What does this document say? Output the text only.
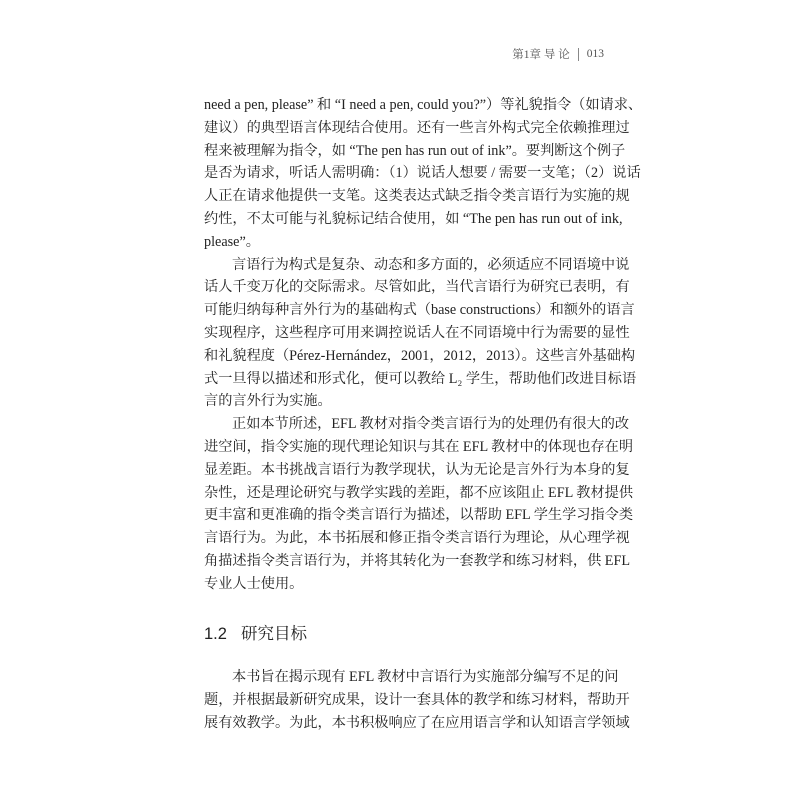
第1章 导 论 013
need a pen, please” 和 “I need a pen, could you?”）等礼貌指令（如请求、
建议）的典型语言体现结合使用。还有一些言外构式完全依赖推理过
程来被理解为指令，如 “The pen has run out of ink”。要判断这个例子
是否为请求，听话人需明确：（1）说话人想要 / 需要一支笔；（2）说话
人正在请求他提供一支笔。这类表达式缺乏指令类言语行为实施的规
约性，不太可能与礼貌标记结合使用，如 “The pen has run out of ink,
please”。
言语行为构式是复杂、动态和多方面的，必须适应不同语境中说
话人千变万化的交际需求。尽管如此，当代言语行为研究已表明，有
可能归纳每种言外行为的基础构式（base constructions）和额外的语言
实现程序，这些程序可用来调控说话人在不同语境中行为需要的显性
和礼貌程度（Pérez-Hernández，2001，2012，2013）。这些言外基础构
式一旦得以描述和形式化，便可以教给 L₂ 学生，帮助他们改进目标语
言的言外行为实施。
正如本节所述，EFL 教材对指令类言语行为的处理仍有很大的改
进空间，指令实施的现代理论知识与其在 EFL 教材中的体现也存在明
显差距。本书挑战言语行为教学现状，认为无论是言外行为本身的复
杂性，还是理论研究与教学实践的差距，都不应该阻止 EFL 教材提供
更丰富和更准确的指令类言语行为描述，以帮助 EFL 学生学习指令类
言语行为。为此，本书拓展和修正指令类言语行为理论，从心理学视
角描述指令类言语行为，并将其转化为一套教学和练习材料，供 EFL
专业人士使用。
1.2 研究目标
本书旨在揭示现有 EFL 教材中言语行为实施部分编写不足的问
题，并根据最新研究成果，设计一套具体的教学和练习材料，帮助开
展有效教学。为此，本书积极响应了在应用语言学和认知语言学领域
